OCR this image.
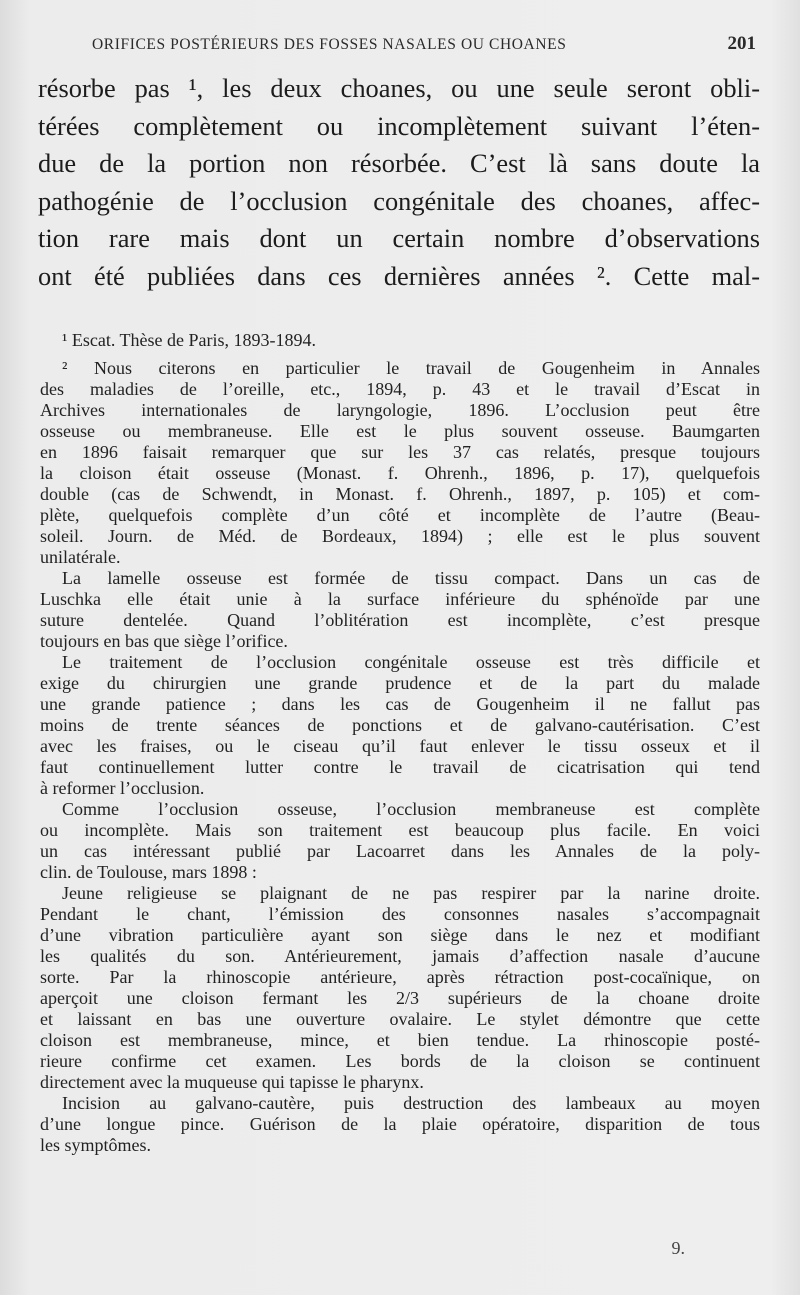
ORIFICES POSTÉRIEURS DES FOSSES NASALES OU CHOANES	201
résorbe pas ¹, les deux choanes, ou une seule seront obli-
térées complètement ou incomplètement suivant l’éten-
due de la portion non résorbée. C’est là sans doute la
pathogénie de l’occlusion congénitale des choanes, affec-
tion rare mais dont un certain nombre d’observations
ont été publiées dans ces dernières années ². Cette mal-
¹ Escat. Thèse de Paris, 1893-1894.
² Nous citerons en particulier le travail de Gougenheim in Annales
des maladies de l’oreille, etc., 1894, p. 43 et le travail d’Escat in
Archives internationales de laryngologie, 1896. L’occlusion peut être
osseuse ou membraneuse. Elle est le plus souvent osseuse. Baumgarten
en 1896 faisait remarquer que sur les 37 cas relatés, presque toujours
la cloison était osseuse (Monast. f. Ohrenh., 1896, p. 17), quelquefois
double (cas de Schwendt, in Monast. f. Ohrenh., 1897, p. 105) et com-
plète, quelquefois complète d’un côté et incomplète de l’autre (Beau-
soleil. Journ. de Méd. de Bordeaux, 1894) ; elle est le plus souvent
unilatérale.
La lamelle osseuse est formée de tissu compact. Dans un cas de
Luschka elle était unie à la surface inférieure du sphénoïde par une
suture dentelée. Quand l’oblitération est incomplète, c’est presque
toujours en bas que siège l’orifice.
Le traitement de l’occlusion congénitale osseuse est très difficile et
exige du chirurgien une grande prudence et de la part du malade
une grande patience ; dans les cas de Gougenheim il ne fallut pas
moins de trente séances de ponctions et de galvano-cautérisation. C’est
avec les fraises, ou le ciseau qu’il faut enlever le tissu osseux et il
faut continuellement lutter contre le travail de cicatrisation qui tend
à reformer l’occlusion.
Comme l’occlusion osseuse, l’occlusion membraneuse est complète
ou incomplète. Mais son traitement est beaucoup plus facile. En voici
un cas intéressant publié par Lacoarret dans les Annales de la poly-
clin. de Toulouse, mars 1898 :
Jeune religieuse se plaignant de ne pas respirer par la narine droite.
Pendant le chant, l’émission des consonnes nasales s’accompagnait
d’une vibration particulière ayant son siège dans le nez et modifiant
les qualités du son. Antérieurement, jamais d’affection nasale d’aucune
sorte. Par la rhinoscopie antérieure, après rétraction post-cocaïnique, on
aperçoit une cloison fermant les 2/3 supérieurs de la choane droite
et laissant en bas une ouverture ovalaire. Le stylet démontre que cette
cloison est membraneuse, mince, et bien tendue. La rhinoscopie posté-
rieure confirme cet examen. Les bords de la cloison se continuent
directement avec la muqueuse qui tapisse le pharynx.
Incision au galvano-cautère, puis destruction des lambeaux au moyen
d’une longue pince. Guérison de la plaie opératoire, disparition de tous
les symptômes.
9.
